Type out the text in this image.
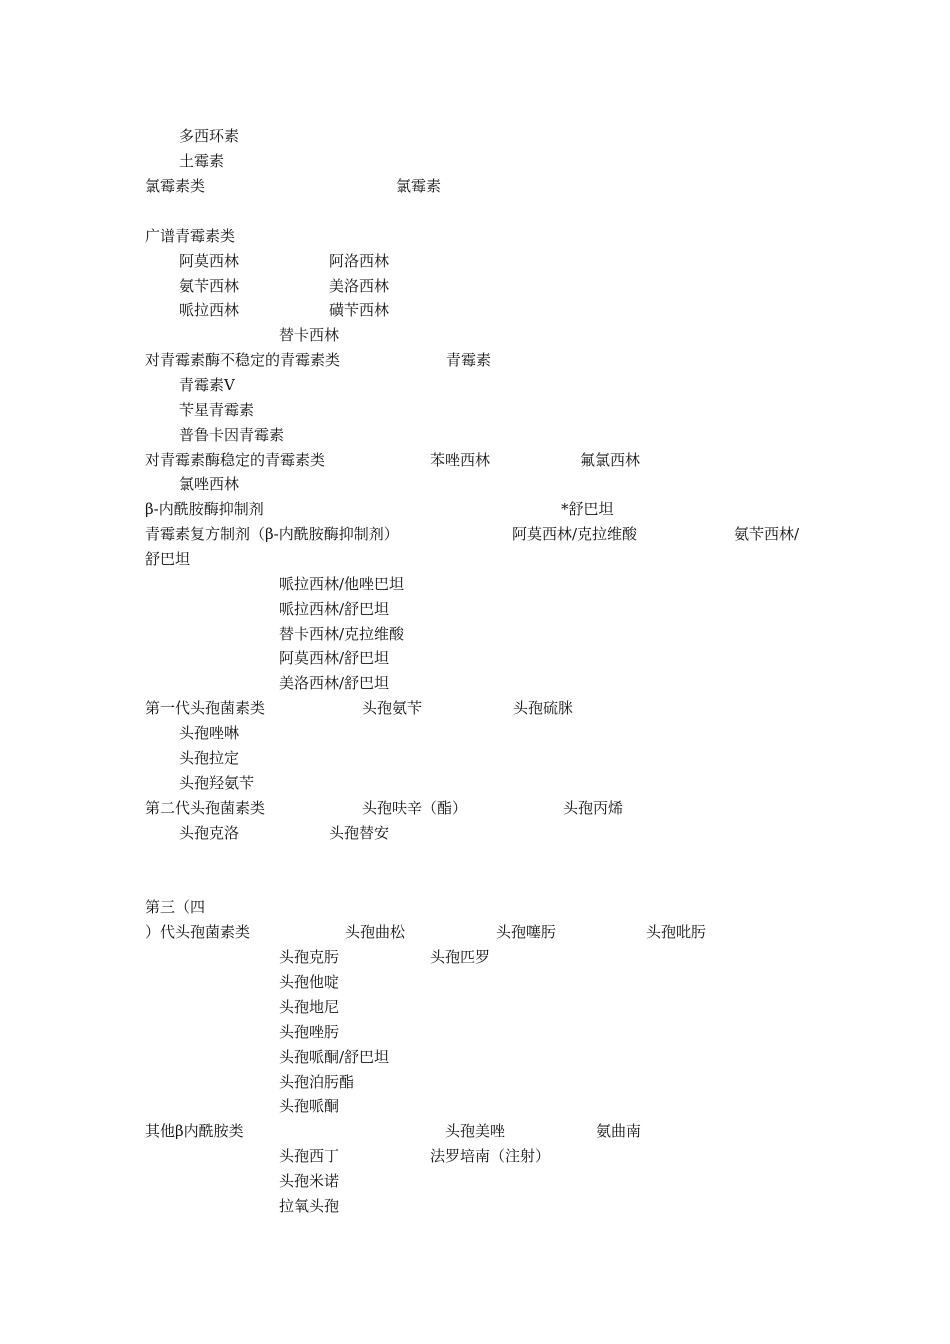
多西环素
土霉素
氯霉素类	氯霉素
广谱青霉素类
阿莫西林	阿洛西林
氨苄西林	美洛西林
哌拉西林	磺苄西林
替卡西林
对青霉素酶不稳定的青霉素类	青霉素
青霉素Ⅴ
苄星青霉素
普鲁卡因青霉素
对青霉素酶稳定的青霉素类	苯唑西林	氟氯西林
氯唑西林
β-内酰胺酶抑制剂	*舒巴坦
青霉素复方制剂（β-内酰胺酶抑制剂）	阿莫西林/克拉维酸	氨苄西林/
舒巴坦
哌拉西林/他唑巴坦
哌拉西林/舒巴坦
替卡西林/克拉维酸
阿莫西林/舒巴坦
美洛西林/舒巴坦
第一代头孢菌素类	头孢氨苄	头孢硫脒
头孢唑啉
头孢拉定
头孢羟氨苄
第二代头孢菌素类	头孢呋辛（酯）	头孢丙烯
头孢克洛	头孢替安
第三（四
）代头孢菌素类	头孢曲松	头孢噻肟	头孢吡肟
头孢克肟	头孢匹罗
头孢他啶
头孢地尼
头孢唑肟
头孢哌酮/舒巴坦
头孢泊肟酯
头孢哌酮
其他β内酰胺类	头孢美唑	氨曲南
头孢西丁	法罗培南（注射）
头孢米诺
拉氧头孢
